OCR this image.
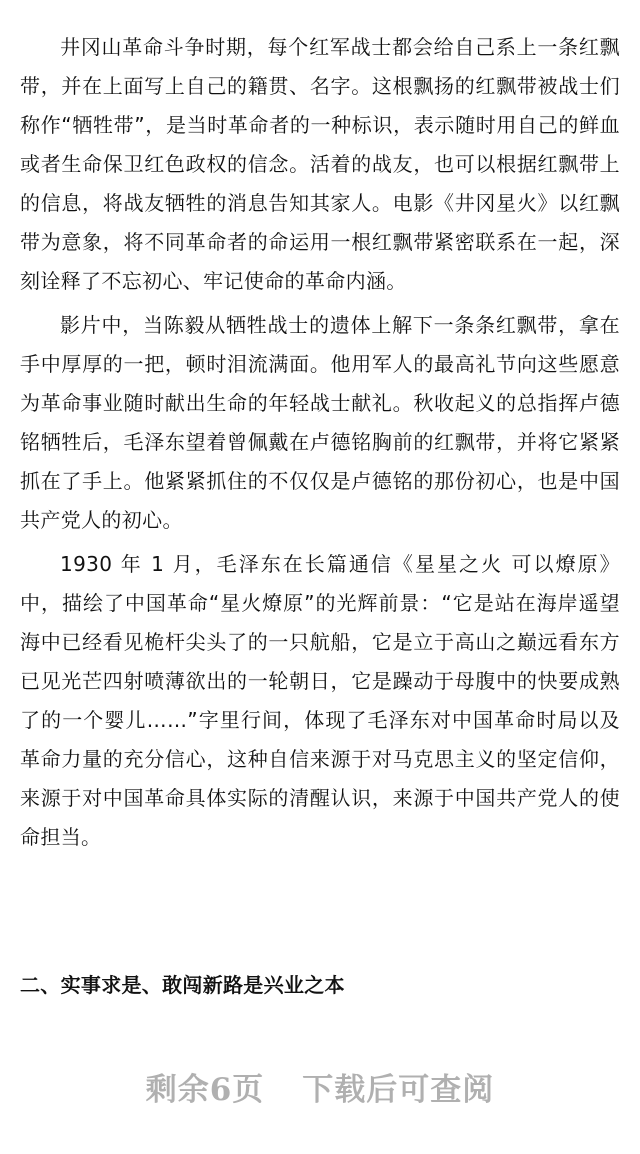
井冈山革命斗争时期，每个红军战士都会给自己系上一条红飘带，并在上面写上自己的籍贯、名字。这根飘扬的红飘带被战士们称作“牺牲带”，是当时革命者的一种标识，表示随时用自己的鲜血或者生命保卫红色政权的信念。活着的战友，也可以根据红飘带上的信息，将战友牺牲的消息告知其家人。电影《井冈星火》以红飘带为意象，将不同革命者的命运用一根红飘带紧密联系在一起，深刻诠释了不忘初心、牢记使命的革命内涵。

影片中，当陈毅从牺牲战士的遗体上解下一条条红飘带，拿在手中厚厚的一把，顿时泪流满面。他用军人的最高礼节向这些愿意为革命事业随时献出生命的年轻战士献礼。秋收起义的总指挥卢德铭牺牲后，毛泽东望着曾佩戴在卢德铭胸前的红飘带，并将它紧紧抓在了手上。他紧紧抓住的不仅仅是卢德铭的那份初心，也是中国共产党人的初心。

1930 年 1 月，毛泽东在长篇通信《星星之火 可以燎原》中，描绘了中国革命“星火燎原”的光辉前景：“它是站在海岸遥望海中已经看见桅杆尖头了的一只航船，它是立于高山之巅远看东方已见光芒四射喷薄欲出的一轮朝日，它是躁动于母腹中的快要成熟了的一个婴儿……”字里行间，体现了毛泽东对中国革命时局以及革命力量的充分信心，这种自信来源于对马克思主义的坚定信仰，来源于对中国革命具体实际的清醒认识，来源于中国共产党人的使命担当。

二、实事求是、敢闯新路是兴业之本
剩余6页 下载后可查阅
